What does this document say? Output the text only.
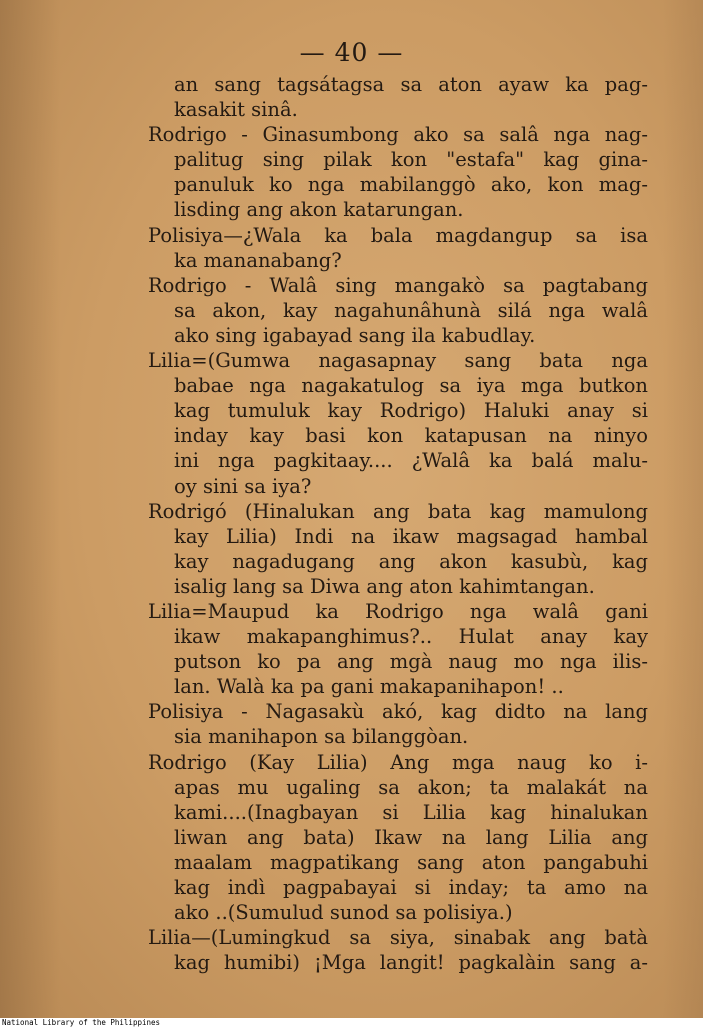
— 40 —
an sang tagsátagsa sa aton ayaw ka pag-
kasakit sinâ.
Rodrigo - Ginasumbong ako sa salâ nga nag-
palitug sing pilak kon "estafa" kag gina-
panuluk ko nga mabilanggò ako, kon mag-
lisding ang akon katarungan.
Polisiya—¿Wala ka bala magdangup sa isa
ka mananabang?
Rodrigo - Walâ sing mangakò sa pagtabang
sa akon, kay nagahunâhunà silá nga walâ
ako sing igabayad sang ila kabudlay.
Lilia=(Gumwa nagasapnay sang bata nga
babae nga nagakatulog sa iya mga butkon
kag tumuluk kay Rodrigo) Haluki anay si
inday kay basi kon katapusan na ninyo
ini nga pagkitaay.... ¿Walâ ka balá malu-
oy sini sa iya?
Rodrigó (Hinalukan ang bata kag mamulong
kay Lilia) Indi na ikaw magsagad hambal
kay nagadugang ang akon kasubù, kag
isalig lang sa Diwa ang aton kahimtangan.
Lilia=Maupud ka Rodrigo nga walâ gani
ikaw makapanghimus?.. Hulat anay kay
putson ko pa ang mgà naug mo nga ilis-
lan. Walà ka pa gani makapanihapon! ..
Polisiya - Nagasakù akó, kag didto na lang
sia manihapon sa bilanggòan.
Rodrigo (Kay Lilia) Ang mga naug ko i-
apas mu ugaling sa akon; ta malakát na
kami....(Inagbayan si Lilia kag hinalukan
liwan ang bata) Ikaw na lang Lilia ang
maalam magpatikang sang aton pangabuhi
kag indì pagpabayai si inday; ta amo na
ako ..(Sumulud sunod sa polisiya.)
Lilia—(Lumingkud sa siya, sinabak ang batà
kag humibi) ¡Mga langit! pagkalàin sang a-
National Library of the Philippines
